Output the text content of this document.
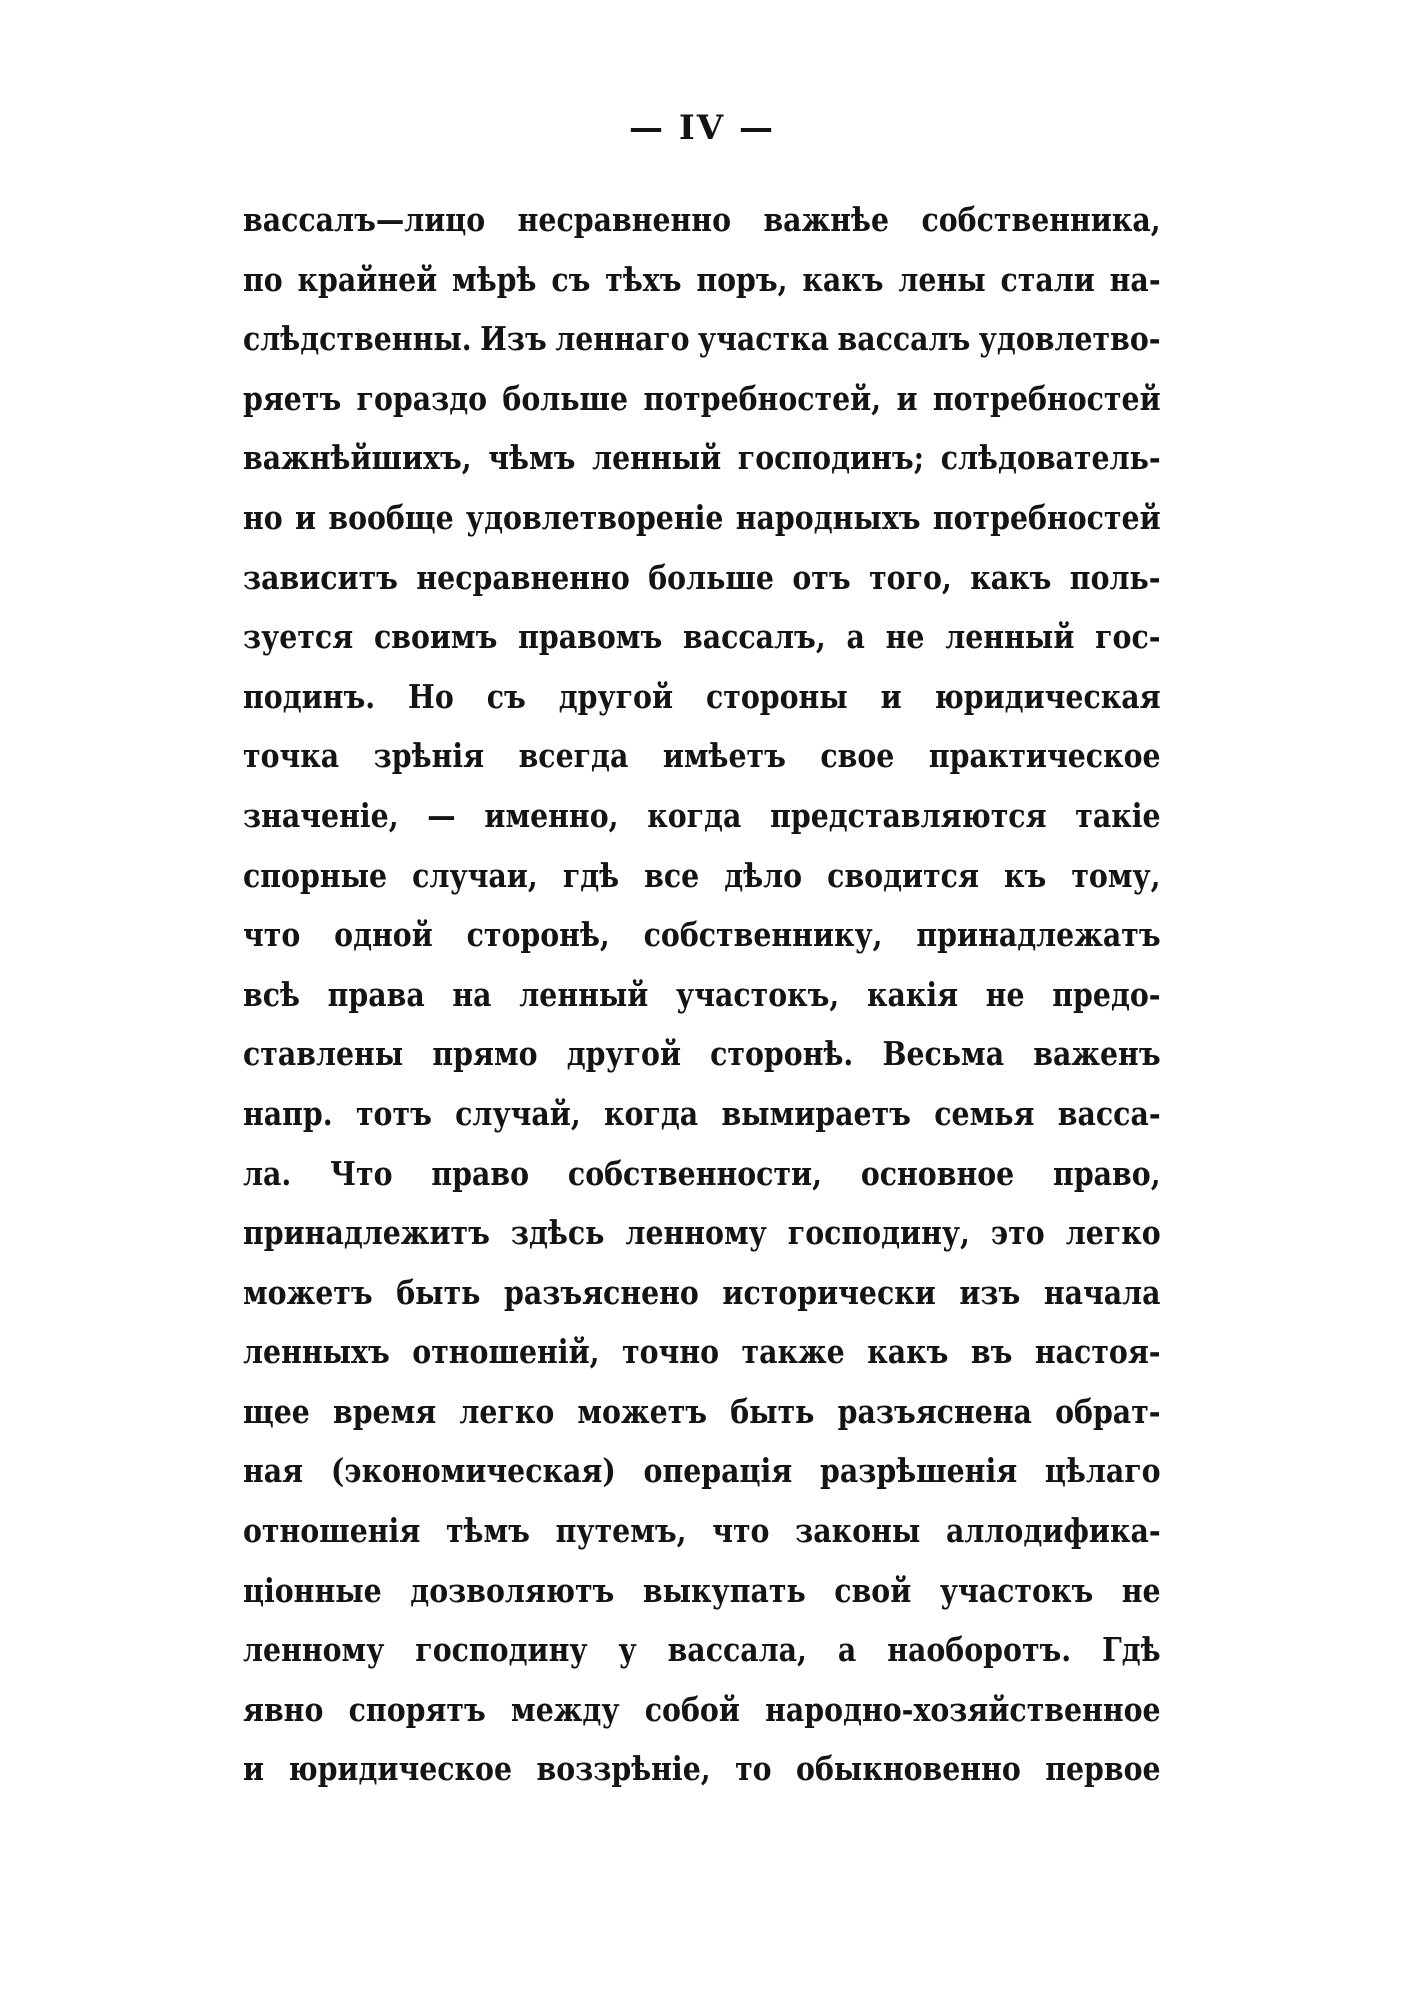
— IV —
вассалъ—лицо несравненно важнѣе собственника,
по крайней мѣрѣ съ тѣхъ поръ, какъ лены стали на-
слѣдственны. Изъ леннаго участка вассалъ удовлетво-
ряетъ гораздо больше потребностей, и потребностей
важнѣйшихъ, чѣмъ ленный господинъ; слѣдователь-
но и вообще удовлетвореніе народныхъ потребностей
зависитъ несравненно больше отъ того, какъ поль-
зуется своимъ правомъ вассалъ, а не ленный гос-
подинъ. Но съ другой стороны и юридическая
точка зрѣнія всегда имѣетъ свое практическое
значеніе, — именно, когда представляются такіе
спорные случаи, гдѣ все дѣло сводится къ тому,
что одной сторонѣ, собственнику, принадлежатъ
всѣ права на ленный участокъ, какія не предо-
ставлены прямо другой сторонѣ. Весьма важенъ
напр. тотъ случай, когда вымираетъ семья васса-
ла. Что право собственности, основное право,
принадлежитъ здѣсь ленному господину, это легко
можетъ быть разъяснено исторически изъ начала
ленныхъ отношеній, точно также какъ въ настоя-
щее время легко можетъ быть разъяснена обрат-
ная (экономическая) операція разрѣшенія цѣлаго
отношенія тѣмъ путемъ, что законы аллодифика-
ціонные дозволяютъ выкупать свой участокъ не
ленному господину у вассала, а наоборотъ. Гдѣ
явно спорятъ между собой народно-хозяйственное
и юридическое воззрѣніе, то обыкновенно первое
